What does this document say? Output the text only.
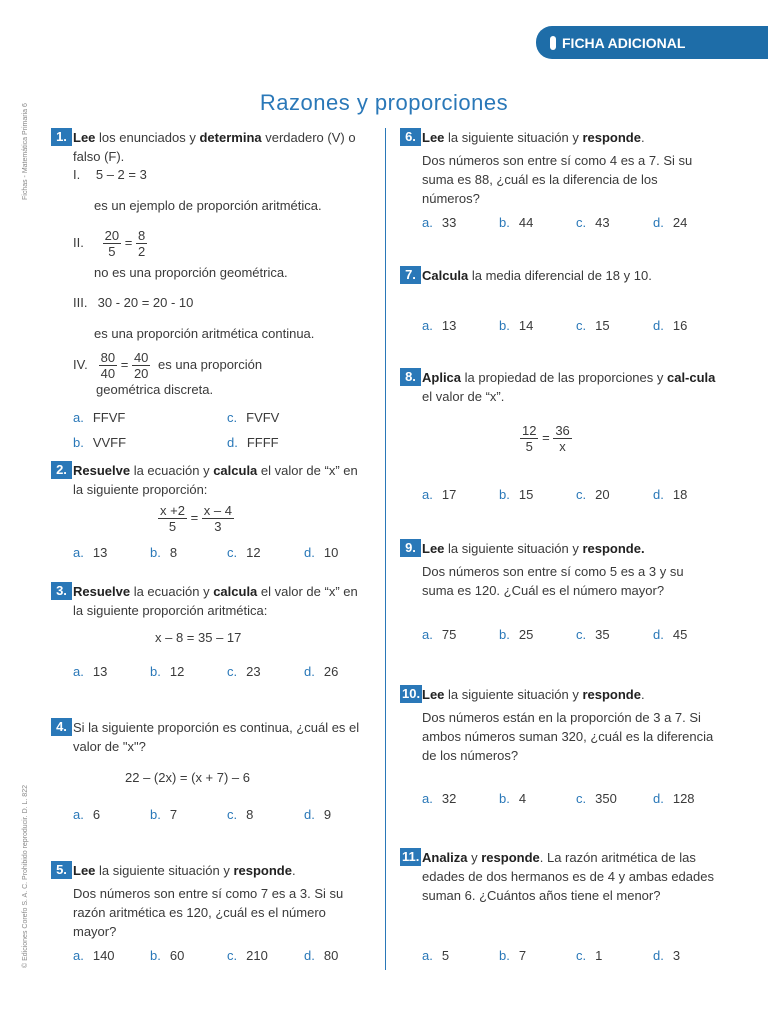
FICHA ADICIONAL
Fichas - Matemática Primaria 6
© Ediciones Corefo S. A. C. Prohibido reproducir. D. L. 822
Razones y proporciones
1. Lee los enunciados y determina verdadero (V) o falso (F).
I. 5 – 2 = 3
es un ejemplo de proporción aritmética.
II. $\frac{20}{5} = \frac{8}{2}$
no es una proporción geométrica.
III. 30 - 20 = 20 - 10
es una proporción aritmética continua.
IV. $\frac{80}{40} = \frac{40}{20}$ es una proporción
geométrica discreta.
a. FFVF	c. FVFV
b. VVFF	d. FFFF
2. Resuelve la ecuación y calcula el valor de “x” en la siguiente proporción:
$\frac{x +2}{5} = \frac{x - 4}{3}$
a. 13	b. 8	c. 12	d. 10
3. Resuelve la ecuación y calcula el valor de “x” en la siguiente proporción aritmética:
x – 8 = 35 – 17
a. 13	b. 12	c. 23	d. 26
4. Si la siguiente proporción es continua, ¿cuál es el valor de "x"?
22 – (2x) = (x + 7) – 6
a. 6	b. 7	c. 8	d. 9
5. Lee la siguiente situación y responde.
Dos números son entre sí como 7 es a 3. Si su razón aritmética es 120, ¿cuál es el número mayor?
a. 140	b. 60	c. 210	d. 80
6. Lee la siguiente situación y responde.
Dos números son entre sí como 4 es a 7. Si su suma es 88, ¿cuál es la diferencia de los números?
a. 33	b. 44	c. 43	d. 24
7. Calcula la media diferencial de 18 y 10.
a. 13	b. 14	c. 15	d. 16
8. Aplica la propiedad de las proporciones y cal-cula el valor de “x”.
$\frac{12}{5} = \frac{36}{x}$
a. 17	b. 15	c. 20	d. 18
9. Lee la siguiente situación y responde.
Dos números son entre sí como 5 es a 3 y su suma es 120. ¿Cuál es el número mayor?
a. 75	b. 25	c. 35	d. 45
10. Lee la siguiente situación y responde.
Dos números están en la proporción de 3 a 7. Si ambos números suman 320, ¿cuál es la diferencia de los números?
a. 32	b. 4	c. 350	d. 128
11. Analiza y responde. La razón aritmética de las edades de dos hermanos es de 4 y ambas edades suman 6. ¿Cuántos años tiene el menor?
a. 5	b. 7	c. 1	d. 3
